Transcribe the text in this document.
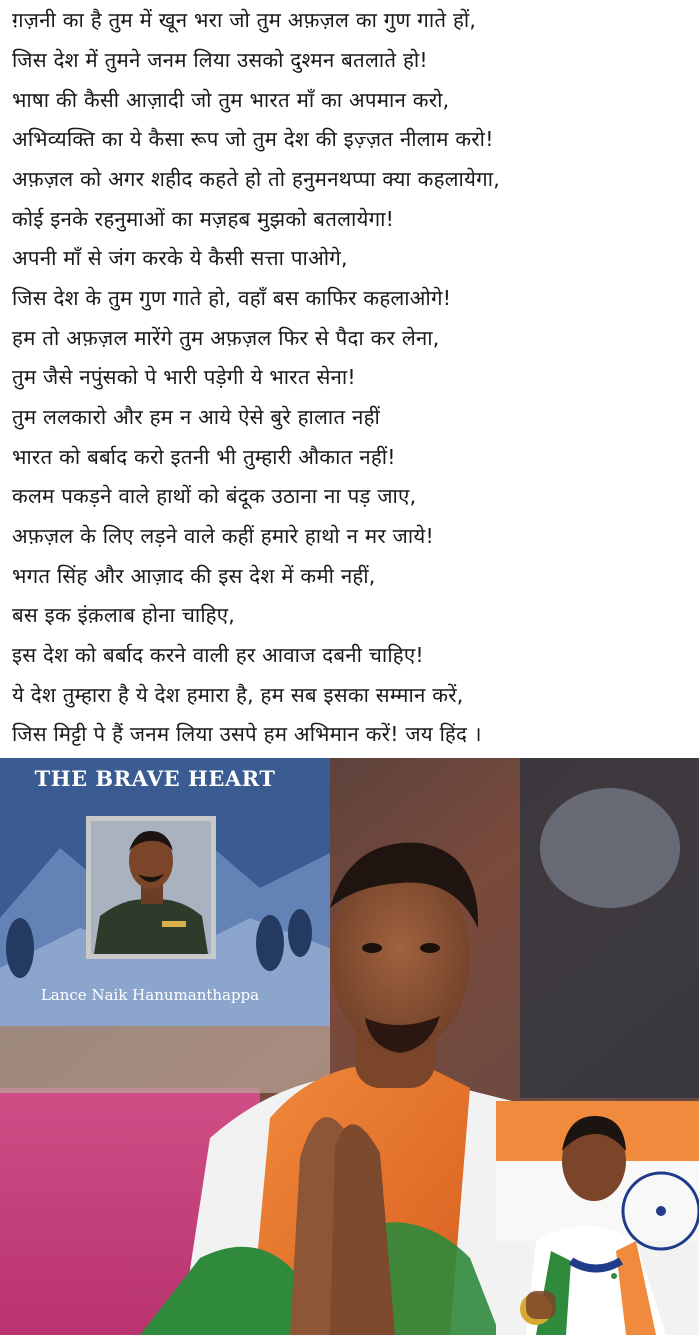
ग़ज़नी का है तुम में खून भरा जो तुम अफ़ज़ल का गुण गाते हों,
जिस देश में तुमने जनम लिया उसको दुश्मन बतलाते हो!
भाषा की कैसी आज़ादी जो तुम भारत माँ का अपमान करो,
अभिव्यक्ति का ये कैसा रूप जो तुम देश की इज़्ज़त नीलाम करो!
अफ़ज़ल को अगर शहीद कहते हो तो हनुमनथप्पा क्या कहलायेगा,
कोई इनके रहनुमाओं का मज़हब मुझको बतलायेगा!
अपनी माँ से जंग करके ये कैसी सत्ता पाओगे,
जिस देश के तुम गुण गाते हो, वहाँ बस काफिर कहलाओगे!
हम तो अफ़ज़ल मारेंगे तुम अफ़ज़ल फिर से पैदा कर लेना,
तुम जैसे नपुंसको पे भारी पड़ेगी ये भारत सेना!
तुम ललकारो और हम न आये ऐसे बुरे हालात नहीं
भारत को बर्बाद करो इतनी भी तुम्हारी औकात नहीं!
कलम पकड़ने वाले हाथों को बंदूक उठाना ना पड़ जाए,
अफ़ज़ल के लिए लड़ने वाले कहीं हमारे हाथो न मर जाये!
भगत सिंह और आज़ाद की इस देश में कमी नहीं,
बस इक इंक़लाब होना चाहिए,
इस देश को बर्बाद करने वाली हर आवाज दबनी चाहिए!
ये देश तुम्हारा है ये देश हमारा है, हम सब इसका सम्मान करें,
जिस मिट्टी पे हैं जनम लिया उसपे हम अभिमान करें! जय हिंद ।
THE BRAVE HEART
Lance Naik Hanumanthappa
